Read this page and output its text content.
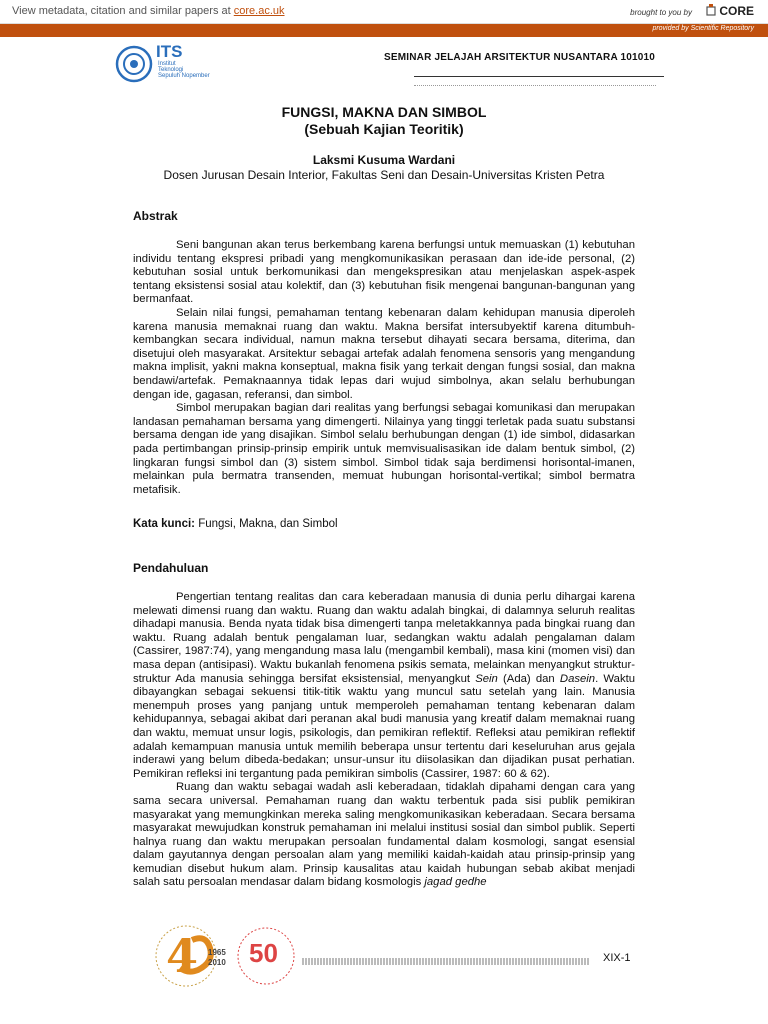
View metadata, citation and similar papers at core.ac.uk	brought to you by	CORE
provided by Scientific Repository
ITS
Institut
Teknologi
Sepuluh Nopember
SEMINAR JELAJAH ARSITEKTUR NUSANTARA 101010
FUNGSI, MAKNA DAN SIMBOL
(Sebuah Kajian Teoritik)
Laksmi Kusuma Wardani
Dosen Jurusan Desain Interior, Fakultas Seni dan Desain-Universitas Kristen Petra
Abstrak

Seni bangunan akan terus berkembang karena berfungsi untuk memuaskan (1) kebutuhan individu tentang ekspresi pribadi yang mengkomunikasikan perasaan dan ide-ide personal, (2) kebutuhan sosial untuk berkomunikasi dan mengekspresikan atau menjelaskan aspek-aspek tentang eksistensi sosial atau kolektif, dan (3) kebutuhan fisik mengenai bangunan-bangunan yang bermanfaat.

Selain nilai fungsi, pemahaman tentang kebenaran dalam kehidupan manusia diperoleh karena manusia memaknai ruang dan waktu. Makna bersifat intersubyektif karena ditumbuh-kembangkan secara individual, namun makna tersebut dihayati secara bersama, diterima, dan disetujui oleh masyarakat. Arsitektur sebagai artefak adalah fenomena sensoris yang mengandung makna implisit, yakni makna konseptual, makna fisik yang terkait dengan fungsi sosial, dan makna bendawi/artefak. Pemaknaannya tidak lepas dari wujud simbolnya, akan selalu berhubungan dengan ide, gagasan, referansi, dan simbol.

Simbol merupakan bagian dari realitas yang berfungsi sebagai komunikasi dan merupakan landasan pemahaman bersama yang dimengerti. Nilainya yang tinggi terletak pada suatu substansi bersama dengan ide yang disajikan. Simbol selalu berhubungan dengan (1) ide simbol, didasarkan pada pertimbangan prinsip-prinsip empirik untuk memvisualisasikan ide dalam bentuk simbol, (2) lingkaran fungsi simbol dan (3) sistem simbol. Simbol tidak saja berdimensi horisontal-imanen, melainkan pula bermatra transenden, memuat hubungan horisontal-vertikal; simbol bermatra metafisik.

Kata kunci: Fungsi, Makna, dan Simbol
Pendahuluan

Pengertian tentang realitas dan cara keberadaan manusia di dunia perlu dihargai karena melewati dimensi ruang dan waktu. Ruang dan waktu adalah bingkai, di dalamnya seluruh realitas dihadapi manusia. Benda nyata tidak bisa dimengerti tanpa meletakkannya pada bingkai ruang dan waktu. Ruang adalah bentuk pengalaman luar, sedangkan waktu adalah pengalaman dalam (Cassirer, 1987:74), yang mengandung masa lalu (mengambil kembali), masa kini (momen visi) dan masa depan (antisipasi). Waktu bukanlah fenomena psikis semata, melainkan menyangkut struktur-struktur Ada manusia sehingga bersifat eksistensial, menyangkut Sein (Ada) dan Dasein. Waktu dibayangkan sebagai sekuensi titik-titik waktu yang muncul satu setelah yang lain. Manusia menempuh proses yang panjang untuk memperoleh pemahaman tentang kebenaran dalam kehidupannya, sebagai akibat dari peranan akal budi manusia yang kreatif dalam memaknai ruang dan waktu, memuat unsur logis, psikologis, dan pemikiran reflektif. Refleksi atau pemikiran reflektif adalah kemampuan manusia untuk memilih beberapa unsur tertentu dari keseluruhan arus gejala inderawi yang belum dibeda-bedakan; unsur-unsur itu diisolasikan dan dijadikan pusat perhatian. Pemikiran refleksi ini tergantung pada pemikiran simbolis (Cassirer, 1987: 60 & 62).

Ruang dan waktu sebagai wadah asli keberadaan, tidaklah dipahami dengan cara yang sama secara universal. Pemahaman ruang dan waktu terbentuk pada sisi publik pemikiran masyarakat yang memungkinkan mereka saling mengkomunikasikan keberadaan. Secara bersama masyarakat mewujudkan konstruk pemahaman ini melalui institusi sosial dan simbol publik. Seperti halnya ruang dan waktu merupakan persoalan fundamental dalam kosmologi, sangat esensial dalam gayutannya dengan persoalan alam yang memiliki kaidah-kaidah atau prinsip-prinsip yang kemudian disebut hukum alam. Prinsip kausalitas atau kaidah hubungan sebab akibat menjadi salah satu persoalan mendasar dalam bidang kosmologis jagad gedhe

4 1965
2010 50	XIX-1
